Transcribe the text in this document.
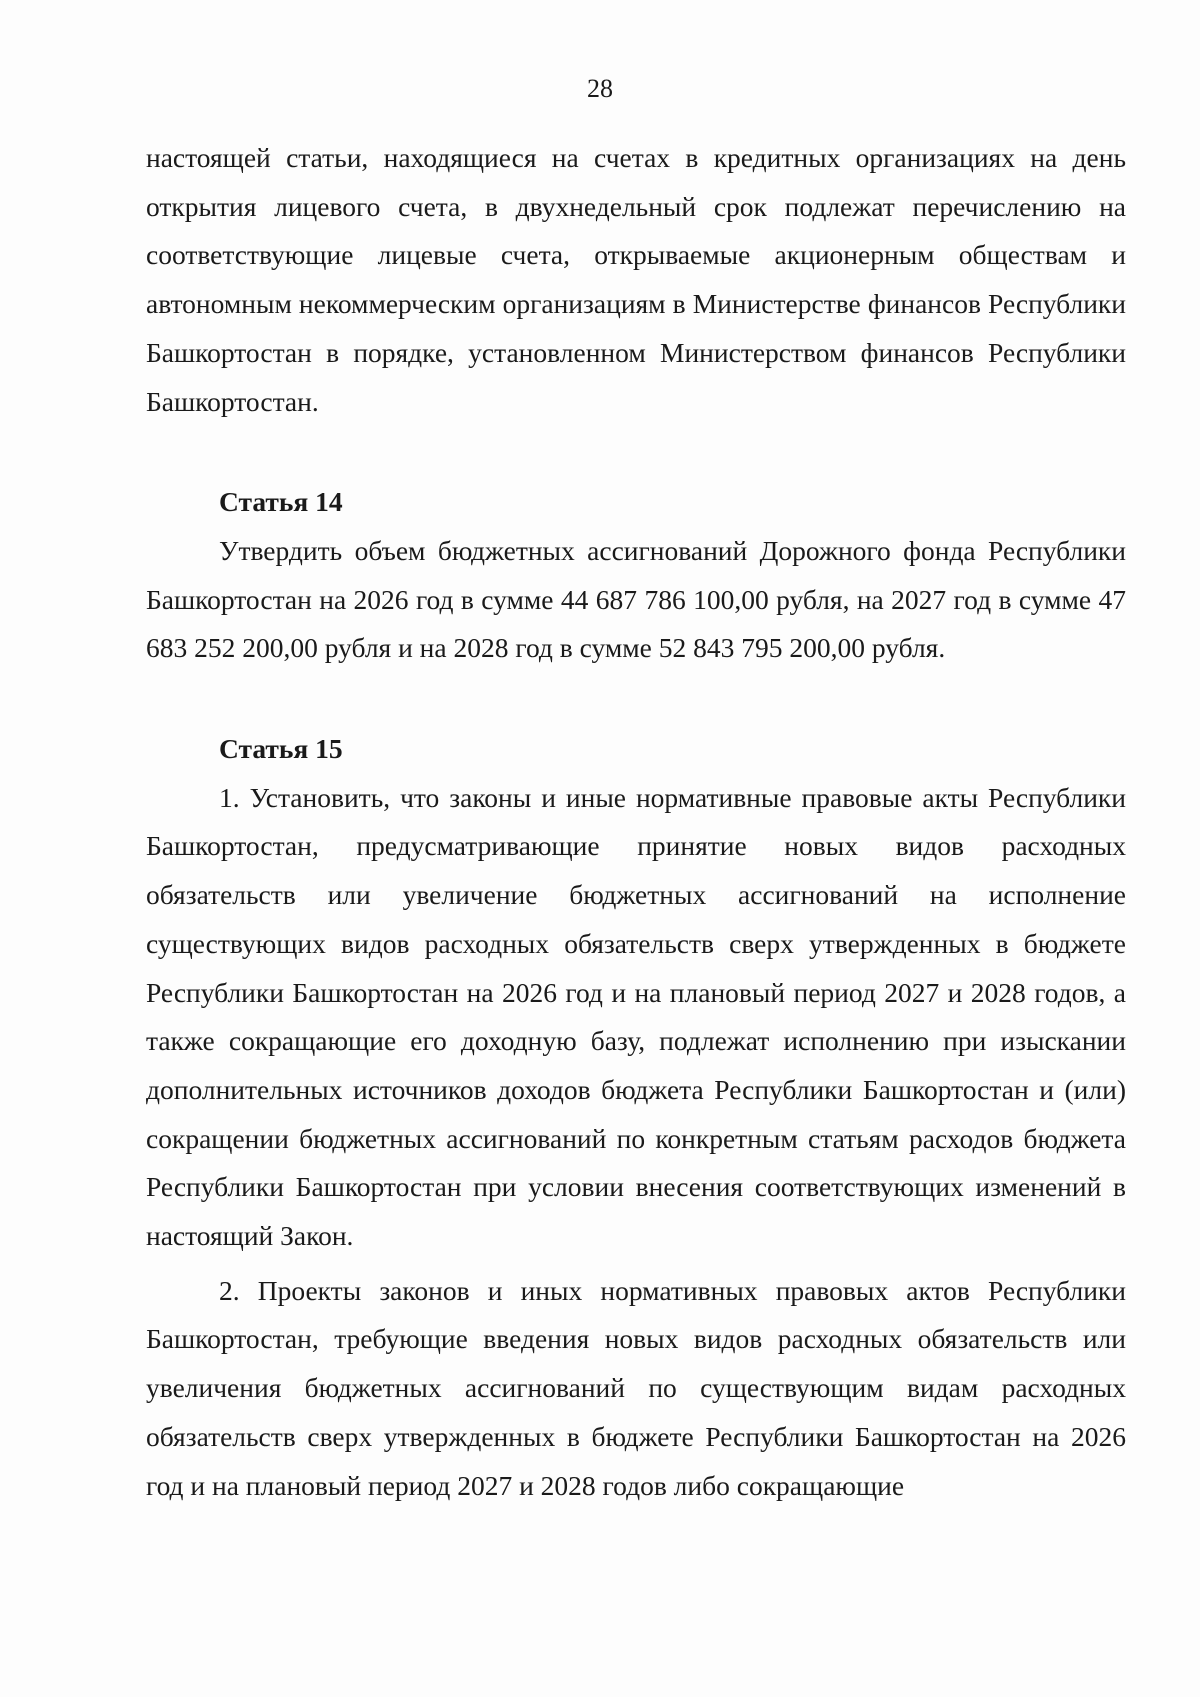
28

настоящей статьи, находящиеся на счетах в кредитных организациях на день открытия лицевого счета, в двухнедельный срок подлежат перечислению на соответствующие лицевые счета, открываемые акционерным обществам и автономным некоммерческим организациям в Министерстве финансов Республики Башкортостан в порядке, установленном Министерством финансов Республики Башкортостан.

Статья 14

Утвердить объем бюджетных ассигнований Дорожного фонда Республики Башкортостан на 2026 год в сумме 44 687 786 100,00 рубля, на 2027 год в сумме 47 683 252 200,00 рубля и на 2028 год в сумме 52 843 795 200,00 рубля.

Статья 15

1. Установить, что законы и иные нормативные правовые акты Республики Башкортостан, предусматривающие принятие новых видов расходных обязательств или увеличение бюджетных ассигнований на исполнение существующих видов расходных обязательств сверх утвержденных в бюджете Республики Башкортостан на 2026 год и на плановый период 2027 и 2028 годов, а также сокращающие его доходную базу, подлежат исполнению при изыскании дополнительных источников доходов бюджета Республики Башкортостан и (или) сокращении бюджетных ассигнований по конкретным статьям расходов бюджета Республики Башкортостан при условии внесения соответствующих изменений в настоящий Закон.

2. Проекты законов и иных нормативных правовых актов Республики Башкортостан, требующие введения новых видов расходных обязательств или увеличения бюджетных ассигнований по существующим видам расходных обязательств сверх утвержденных в бюджете Республики Башкортостан на 2026 год и на плановый период 2027 и 2028 годов либо сокращающие
